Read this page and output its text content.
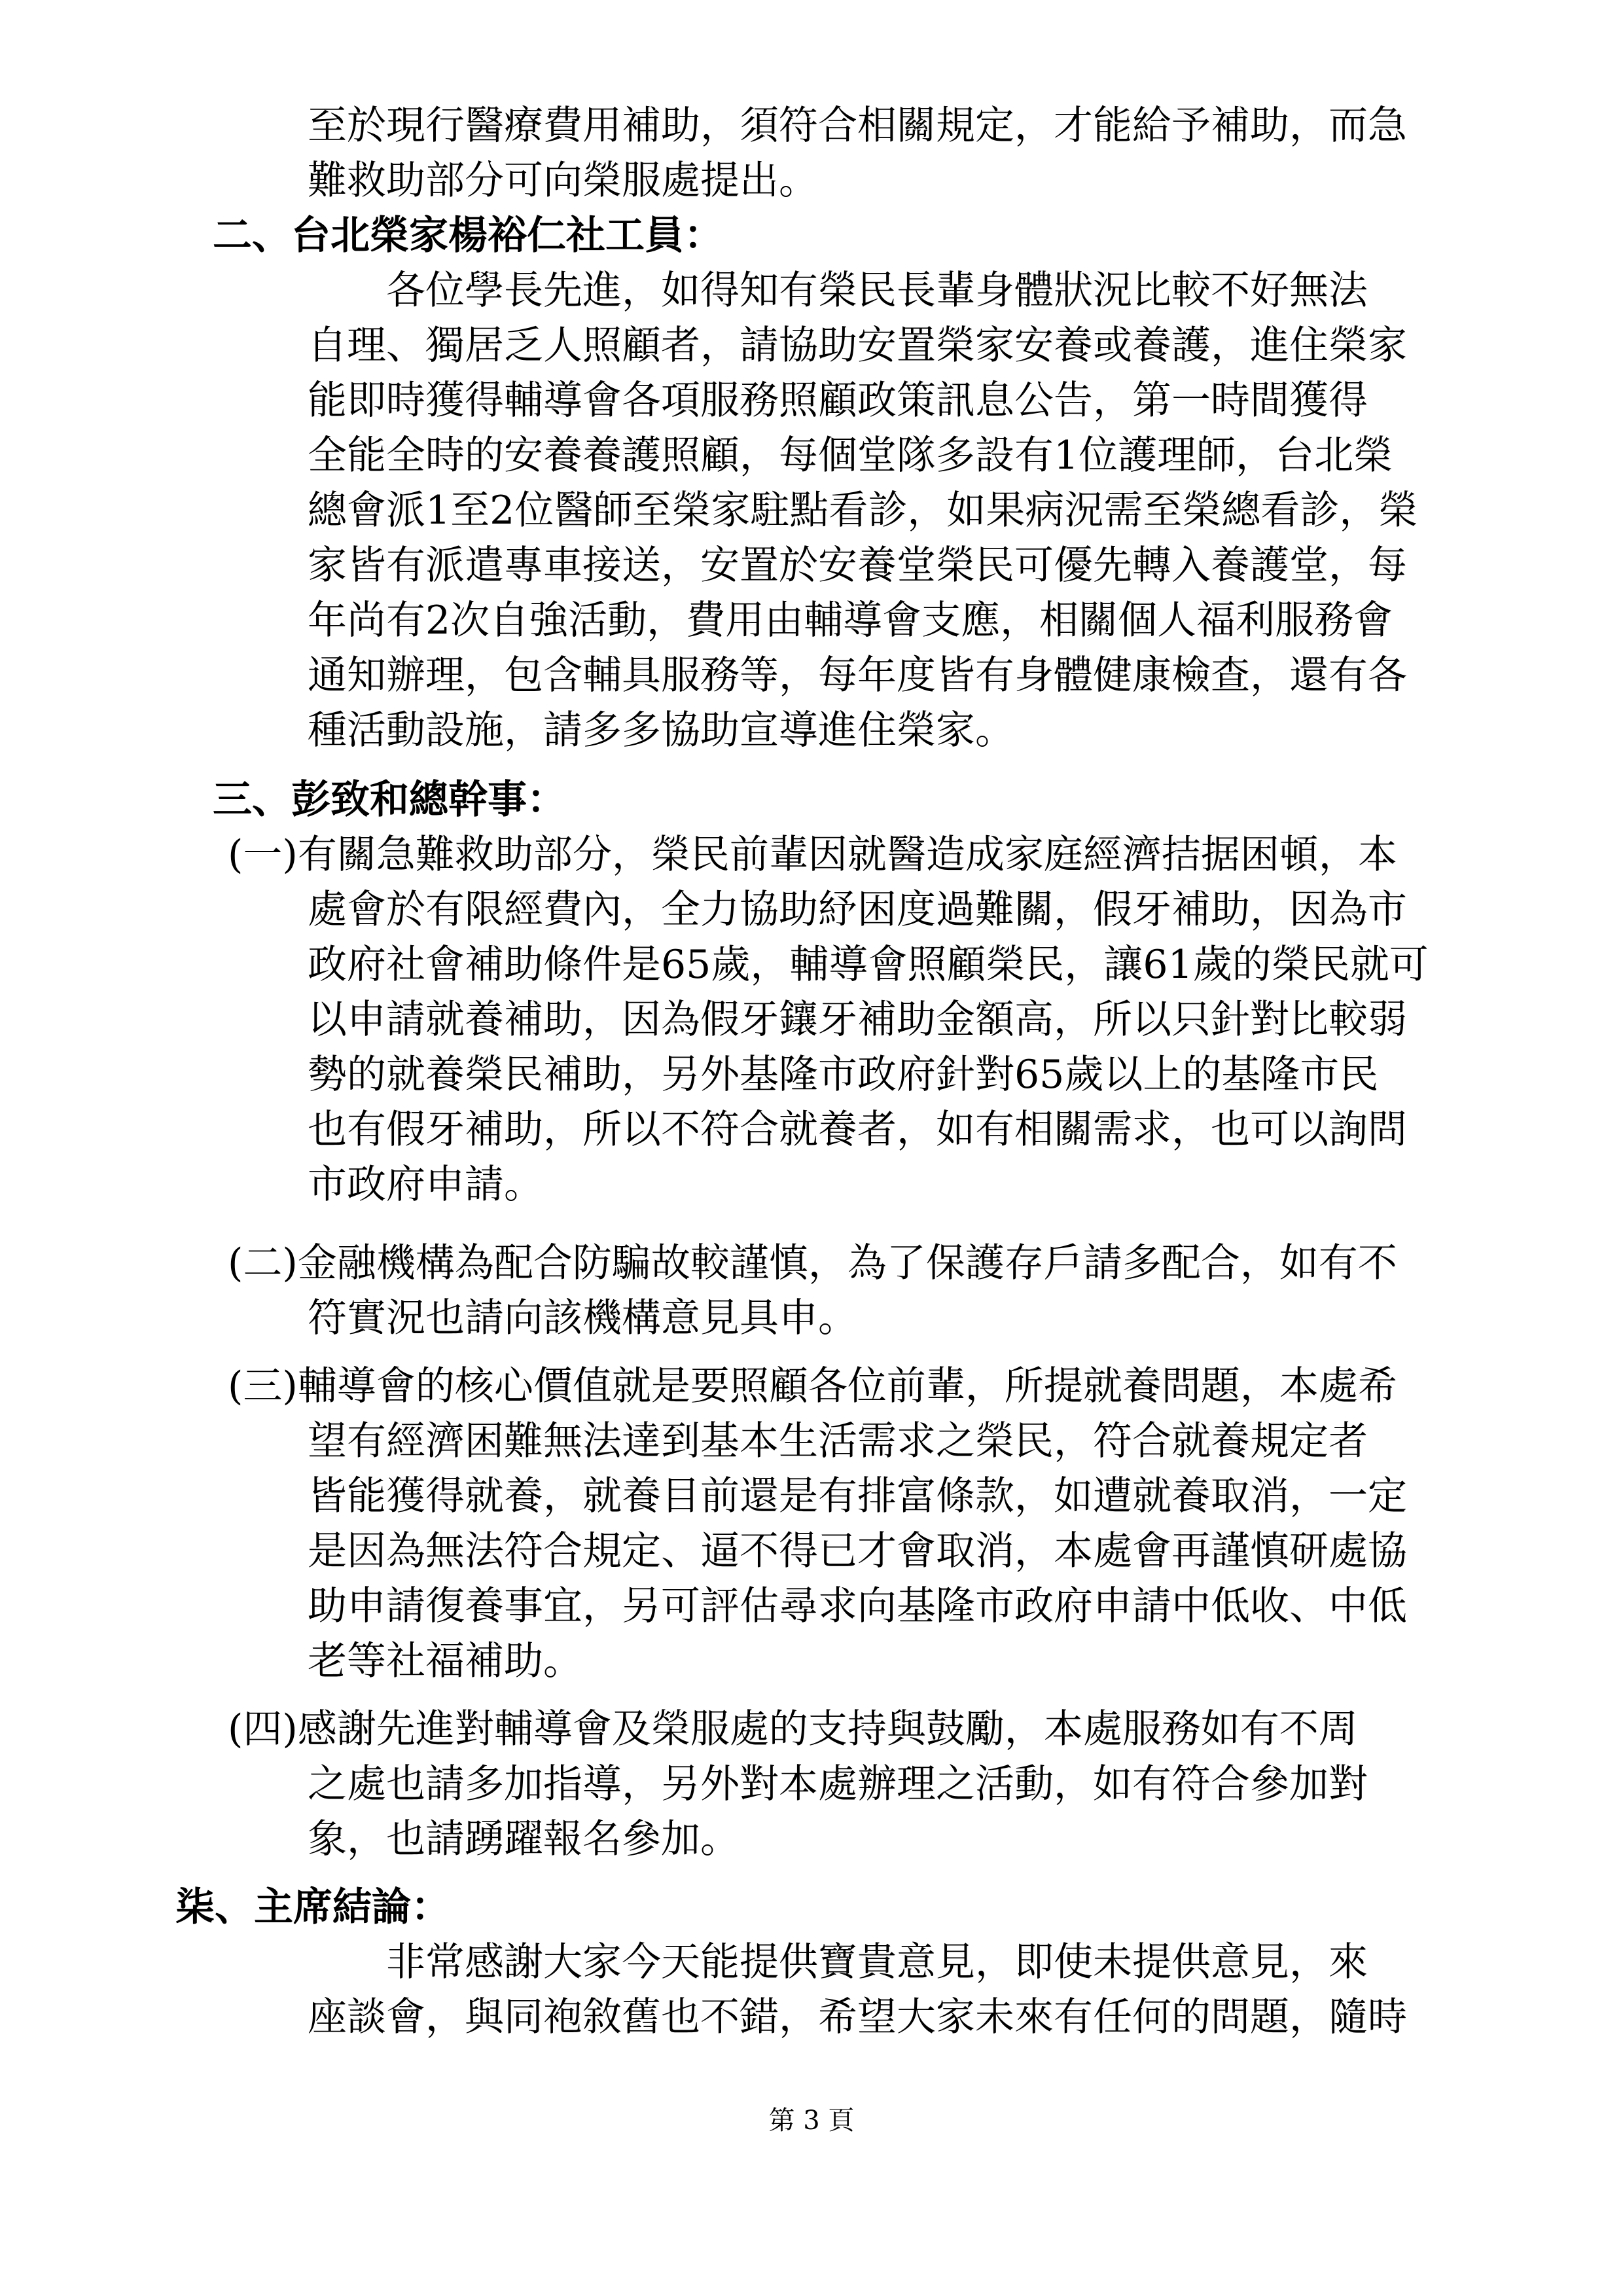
至於現行醫療費用補助，須符合相關規定，才能給予補助，而急
難救助部分可向榮服處提出。
二、台北榮家楊裕仁社工員：
各位學長先進，如得知有榮民長輩身體狀況比較不好無法
自理、獨居乏人照顧者，請協助安置榮家安養或養護，進住榮家
能即時獲得輔導會各項服務照顧政策訊息公告，第一時間獲得
全能全時的安養養護照顧，每個堂隊多設有1位護理師，台北榮
總會派1至2位醫師至榮家駐點看診，如果病況需至榮總看診，榮
家皆有派遣專車接送，安置於安養堂榮民可優先轉入養護堂，每
年尚有2次自強活動，費用由輔導會支應，相關個人福利服務會
通知辦理，包含輔具服務等，每年度皆有身體健康檢查，還有各
種活動設施，請多多協助宣導進住榮家。
三、彭致和總幹事：
(一)有關急難救助部分，榮民前輩因就醫造成家庭經濟拮据困頓，本
處會於有限經費內，全力協助紓困度過難關，假牙補助，因為市
政府社會補助條件是65歲，輔導會照顧榮民，讓61歲的榮民就可
以申請就養補助，因為假牙鑲牙補助金額高，所以只針對比較弱
勢的就養榮民補助，另外基隆市政府針對65歲以上的基隆市民
也有假牙補助，所以不符合就養者，如有相關需求，也可以詢問
市政府申請。
(二)金融機構為配合防騙故較謹慎，為了保護存戶請多配合，如有不
符實況也請向該機構意見具申。
(三)輔導會的核心價值就是要照顧各位前輩，所提就養問題，本處希
望有經濟困難無法達到基本生活需求之榮民，符合就養規定者
皆能獲得就養，就養目前還是有排富條款，如遭就養取消，一定
是因為無法符合規定、逼不得已才會取消，本處會再謹慎研處協
助申請復養事宜，另可評估尋求向基隆市政府申請中低收、中低
老等社福補助。
(四)感謝先進對輔導會及榮服處的支持與鼓勵，本處服務如有不周
之處也請多加指導，另外對本處辦理之活動，如有符合參加對
象，也請踴躍報名參加。
柒、主席結論：
非常感謝大家今天能提供寶貴意見，即使未提供意見，來
座談會，與同袍敘舊也不錯，希望大家未來有任何的問題，隨時
第 3 頁
